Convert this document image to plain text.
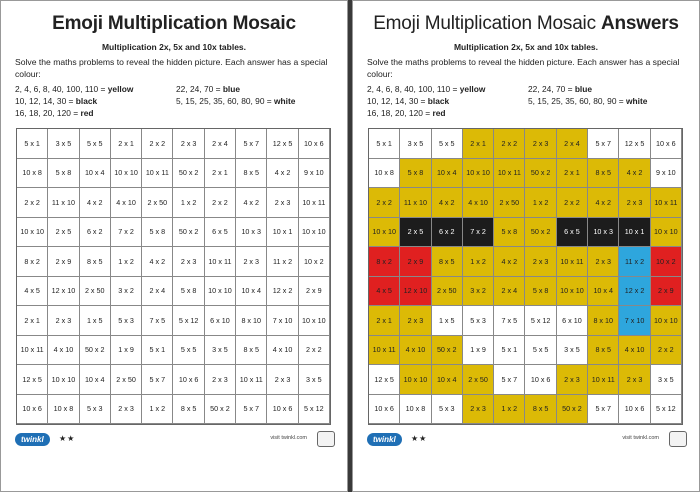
Emoji Multiplication Mosaic
Multiplication 2x, 5x and 10x tables.
Solve the maths problems to reveal the hidden picture. Each answer has a special colour:
2, 4, 6, 8, 40, 100, 110 = yellow
10, 12, 14, 30 = black
16, 18, 20, 120 = red
22, 24, 70 = blue
5, 15, 25, 35, 60, 80, 90 = white
5 x 1	3 x 5	5 x 5	2 x 1	2 x 2	2 x 3	2 x 4	5 x 7	12 x 5	10 x 6
10 x 8	5 x 8	10 x 4	10 x 10	10 x 11	50 x 2	2 x 1	8 x 5	4 x 2	9 x 10
2 x 2	11 x 10	4 x 2	4 x 10	2 x 50	1 x 2	2 x 2	4 x 2	2 x 3	10 x 11
10 x 10	2 x 5	6 x 2	7 x 2	5 x 8	50 x 2	6 x 5	10 x 3	10 x 1	10 x 10
8 x 2	2 x 9	8 x 5	1 x 2	4 x 2	2 x 3	10 x 11	2 x 3	11 x 2	10 x 2
4 x 5	12 x 10	2 x 50	3 x 2	2 x 4	5 x 8	10 x 10	10 x 4	12 x 2	2 x 9
2 x 1	2 x 3	1 x 5	5 x 3	7 x 5	5 x 12	6 x 10	8 x 10	7 x 10	10 x 10
10 x 11	4 x 10	50 x 2	1 x 9	5 x 1	5 x 5	3 x 5	8 x 5	4 x 10	2 x 2
12 x 5	10 x 10	10 x 4	2 x 50	5 x 7	10 x 6	2 x 3	10 x 11	2 x 3	3 x 5
10 x 6	10 x 8	5 x 3	2 x 3	1 x 2	8 x 5	50 x 2	5 x 7	10 x 6	5 x 12
twinkl	★★	visit twinkl.com
Emoji Multiplication Mosaic Answers
Multiplication 2x, 5x and 10x tables.
Solve the maths problems to reveal the hidden picture. Each answer has a special colour:
2, 4, 6, 8, 40, 100, 110 = yellow
10, 12, 14, 30 = black
16, 18, 20, 120 = red
22, 24, 70 = blue
5, 15, 25, 35, 60, 80, 90 = white
5 x 1	3 x 5	5 x 5	2 x 1	2 x 2	2 x 3	2 x 4	5 x 7	12 x 5	10 x 6
10 x 8	5 x 8	10 x 4	10 x 10	10 x 11	50 x 2	2 x 1	8 x 5	4 x 2	9 x 10
2 x 2	11 x 10	4 x 2	4 x 10	2 x 50	1 x 2	2 x 2	4 x 2	2 x 3	10 x 11
10 x 10	2 x 5	6 x 2	7 x 2	5 x 8	50 x 2	6 x 5	10 x 3	10 x 1	10 x 10
8 x 2	2 x 9	8 x 5	1 x 2	4 x 2	2 x 3	10 x 11	2 x 3	11 x 2	10 x 2
4 x 5	12 x 10	2 x 50	3 x 2	2 x 4	5 x 8	10 x 10	10 x 4	12 x 2	2 x 9
2 x 1	2 x 3	1 x 5	5 x 3	7 x 5	5 x 12	6 x 10	8 x 10	7 x 10	10 x 10
10 x 11	4 x 10	50 x 2	1 x 9	5 x 1	5 x 5	3 x 5	8 x 5	4 x 10	2 x 2
12 x 5	10 x 10	10 x 4	2 x 50	5 x 7	10 x 6	2 x 3	10 x 11	2 x 3	3 x 5
10 x 6	10 x 8	5 x 3	2 x 3	1 x 2	8 x 5	50 x 2	5 x 7	10 x 6	5 x 12
twinkl	★★	visit twinkl.com
